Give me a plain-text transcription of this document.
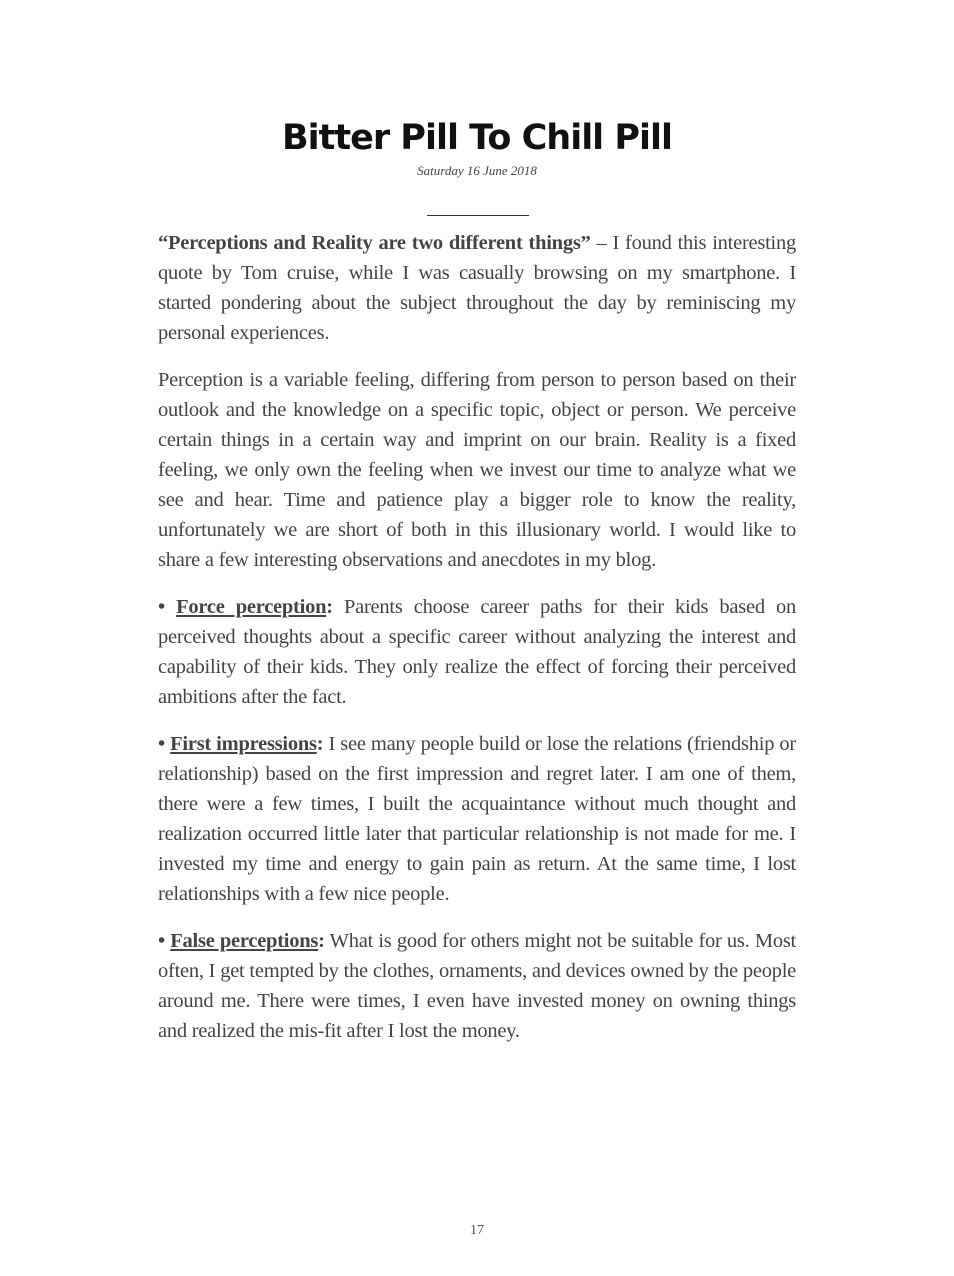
Bitter Pill To Chill Pill
Saturday 16 June 2018

“Perceptions and Reality are two different things” – I found this interesting quote by Tom cruise, while I was casually browsing on my smartphone. I started pondering about the subject throughout the day by reminiscing my personal experiences.

Perception is a variable feeling, differing from person to person based on their outlook and the knowledge on a specific topic, object or person. We perceive certain things in a certain way and imprint on our brain. Reality is a fixed feeling, we only own the feeling when we invest our time to analyze what we see and hear. Time and patience play a bigger role to know the reality, unfortunately we are short of both in this illusionary world. I would like to share a few interesting observations and anecdotes in my blog.

• Force perception: Parents choose career paths for their kids based on perceived thoughts about a specific career without analyzing the interest and capability of their kids. They only realize the effect of forcing their perceived ambitions after the fact.

• First impressions: I see many people build or lose the relations (friendship or relationship) based on the first impression and regret later. I am one of them, there were a few times, I built the acquaintance without much thought and realization occurred little later that particular relationship is not made for me. I invested my time and energy to gain pain as return. At the same time, I lost relationships with a few nice people.

• False perceptions: What is good for others might not be suitable for us. Most often, I get tempted by the clothes, ornaments, and devices owned by the people around me. There were times, I even have invested money on owning things and realized the mis-fit after I lost the money.

17
